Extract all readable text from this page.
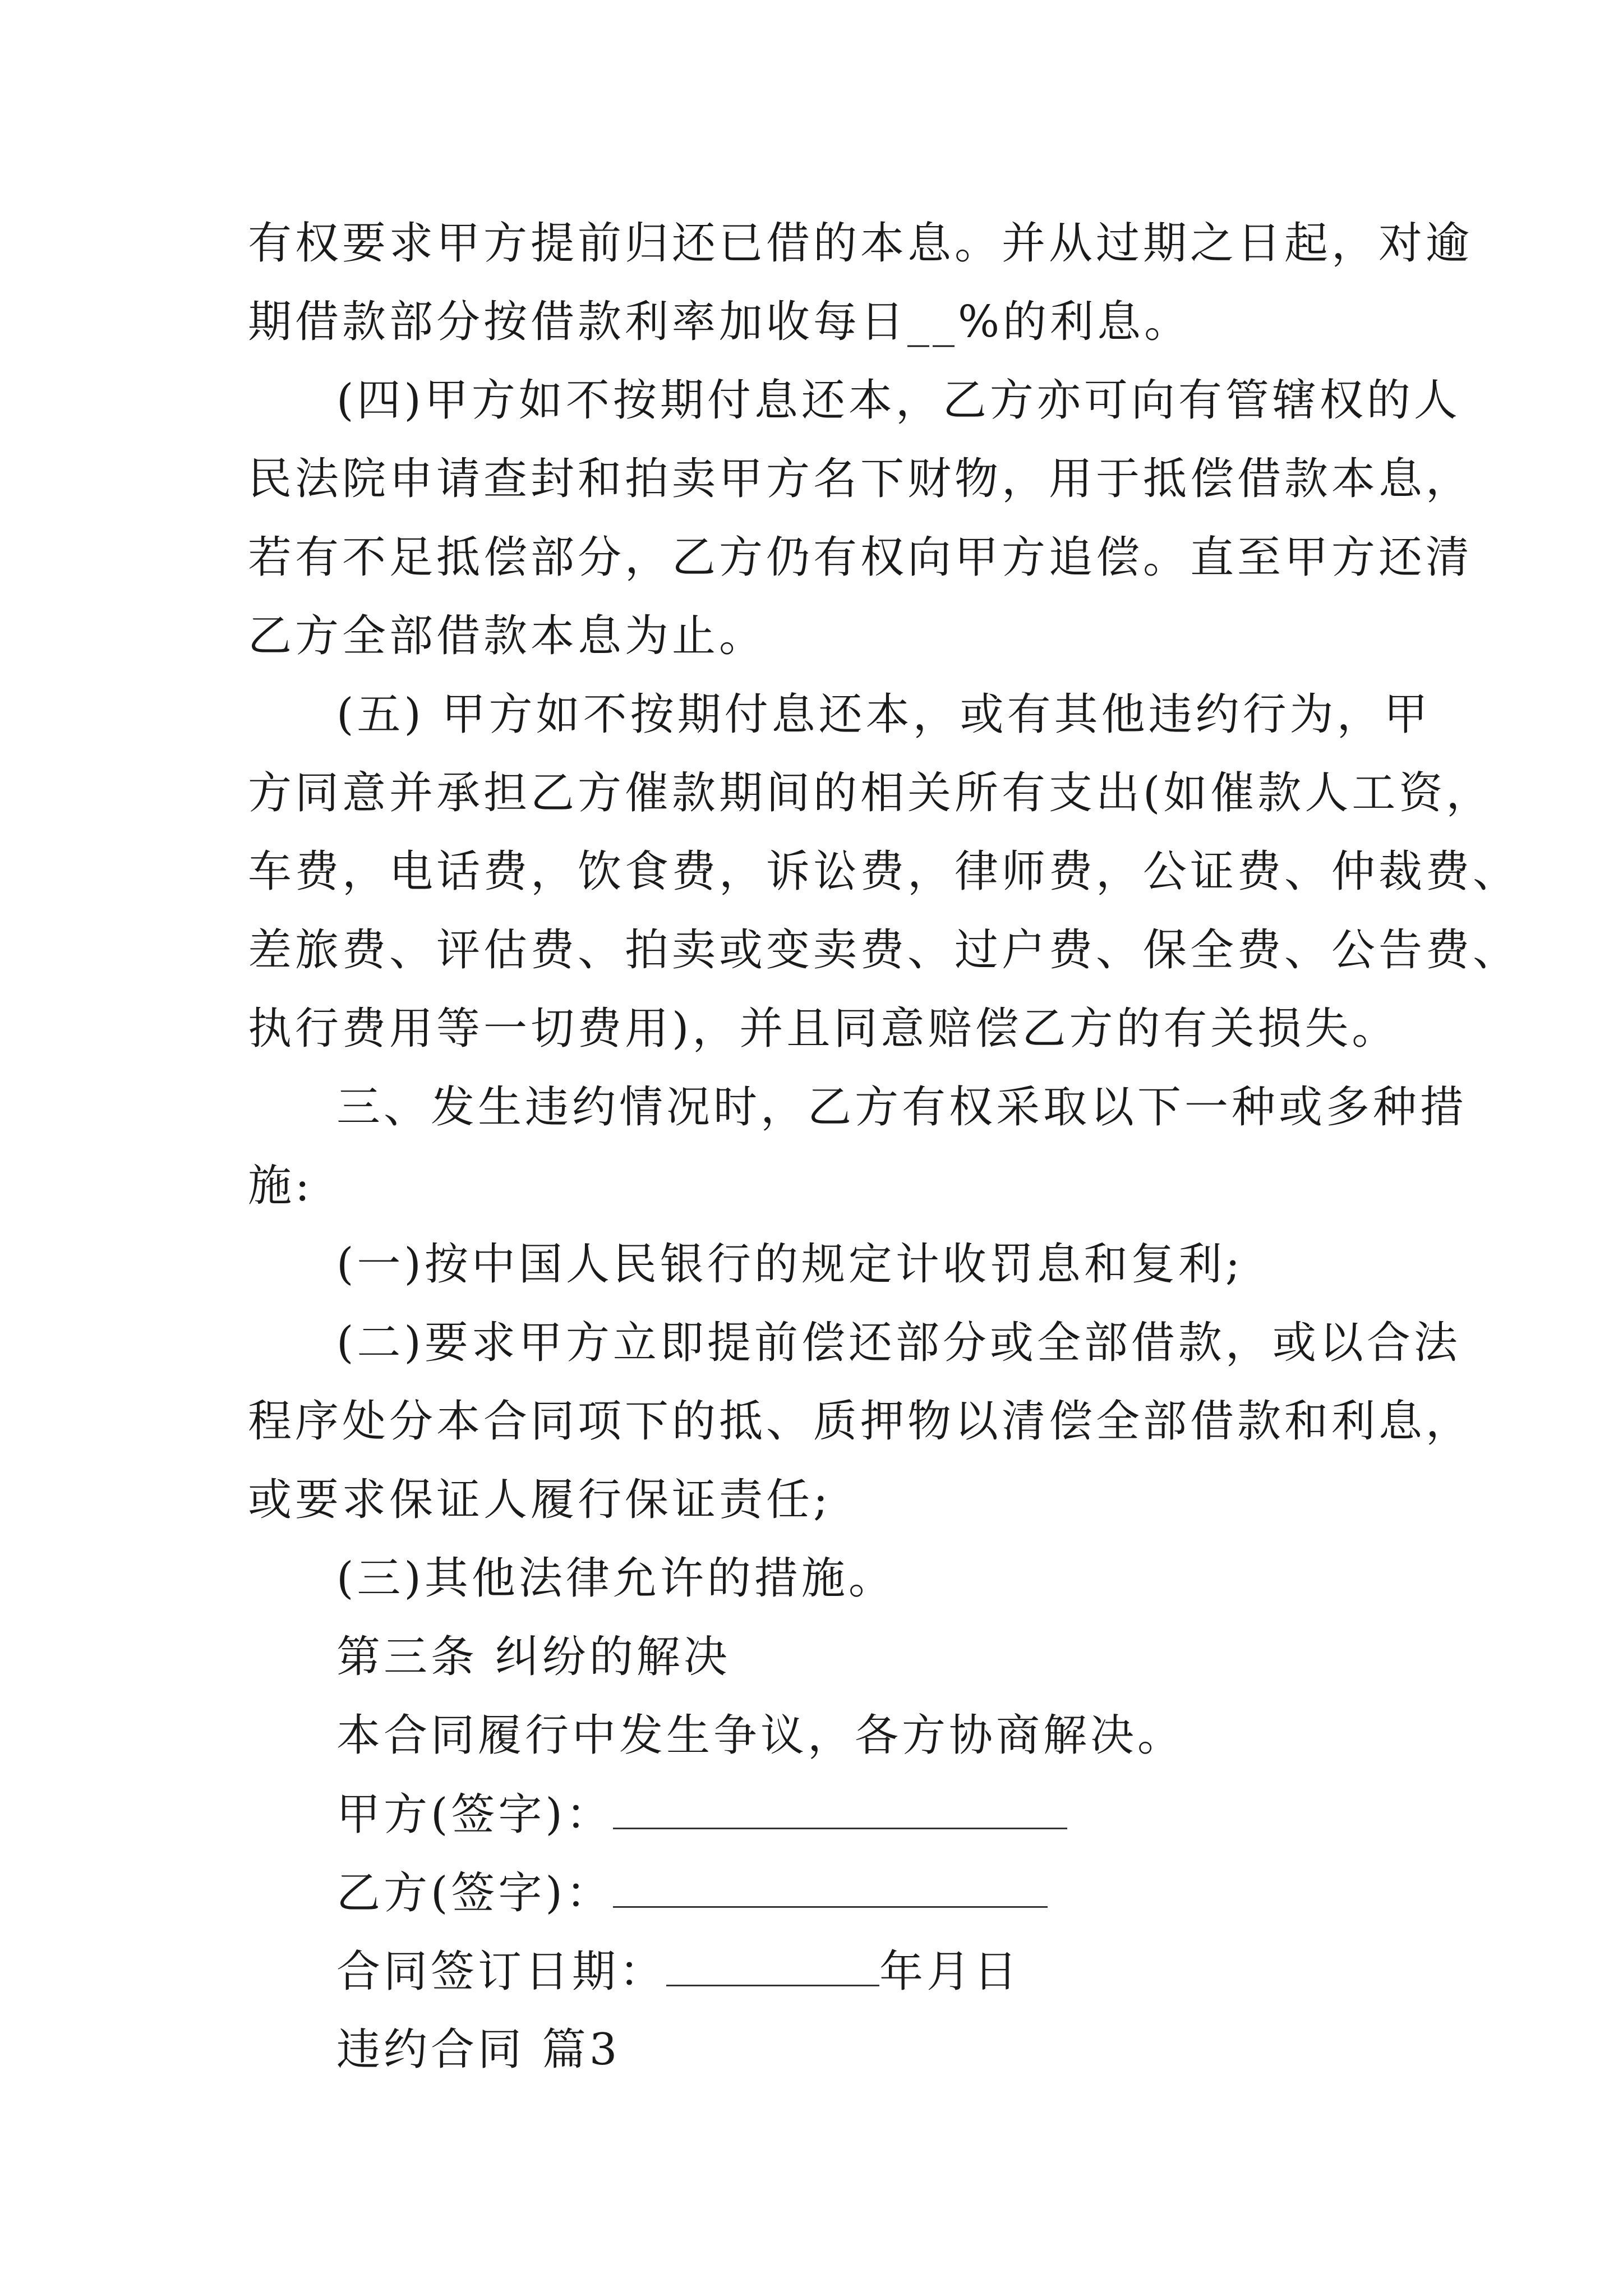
有权要求甲方提前归还已借的本息。并从过期之日起，对逾
期借款部分按借款利率加收每日__%的利息。
(四)甲方如不按期付息还本，乙方亦可向有管辖权的人
民法院申请查封和拍卖甲方名下财物，用于抵偿借款本息，
若有不足抵偿部分，乙方仍有权向甲方追偿。直至甲方还清
乙方全部借款本息为止。
(五) 甲方如不按期付息还本，或有其他违约行为，甲
方同意并承担乙方催款期间的相关所有支出(如催款人工资，
车费，电话费，饮食费，诉讼费，律师费，公证费、仲裁费、
差旅费、评估费、拍卖或变卖费、过户费、保全费、公告费、
执行费用等一切费用)，并且同意赔偿乙方的有关损失。
三、发生违约情况时，乙方有权采取以下一种或多种措
施:
(一)按中国人民银行的规定计收罚息和复利;
(二)要求甲方立即提前偿还部分或全部借款，或以合法
程序处分本合同项下的抵、质押物以清偿全部借款和利息，
或要求保证人履行保证责任;
(三)其他法律允许的措施。
第三条 纠纷的解决
本合同履行中发生争议，各方协商解决。
甲方(签字)：
乙方(签字)：
合同签订日期：	年月日
违约合同 篇3
